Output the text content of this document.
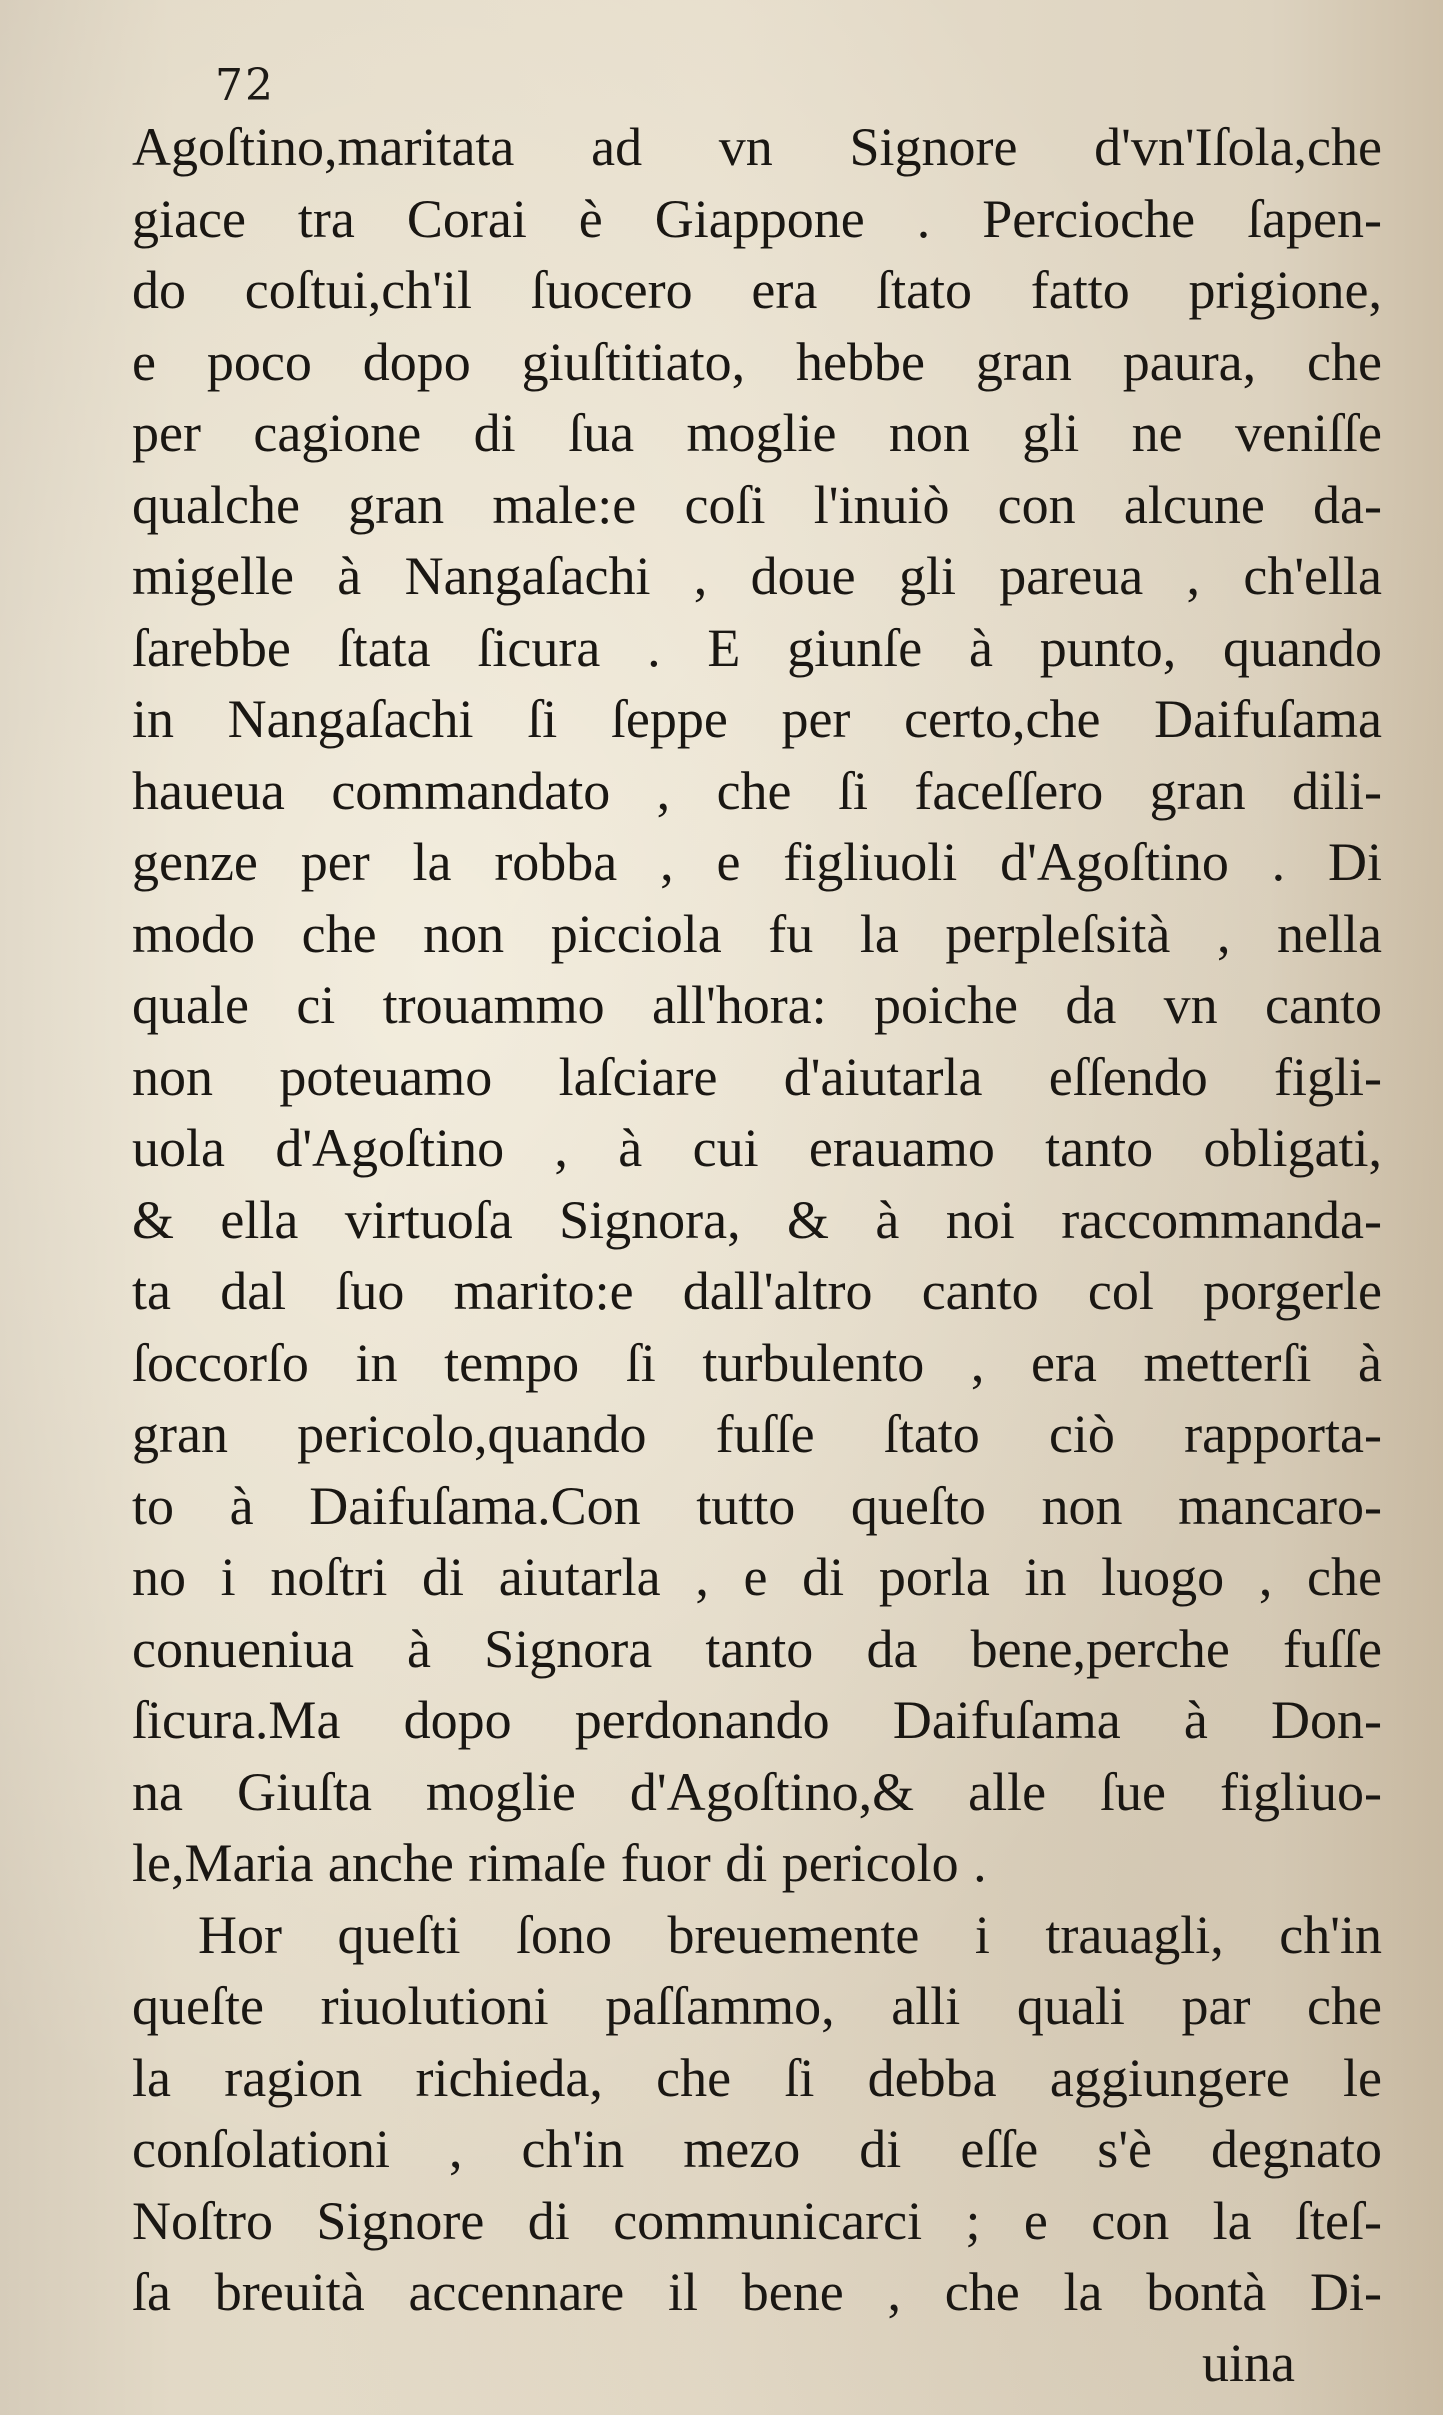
72
Agoſtino,maritata ad vn Signore d'vn'Iſola,che
giace tra Corai è Giappone . Percioche ſapen-
do coſtui,ch'il ſuocero era ſtato fatto prigione,
e poco dopo giuſtitiato, hebbe gran paura, che
per cagione di ſua moglie non gli ne veniſſe
qualche gran male:e coſi l'inuiò con alcune da-
migelle à Nangaſachi , doue gli pareua , ch'ella
ſarebbe ſtata ſicura . E giunſe à punto, quando
in Nangaſachi ſi ſeppe per certo,che Daifuſama
haueua commandato , che ſi faceſſero gran dili-
genze per la robba , e figliuoli d'Agoſtino . Di
modo che non picciola fu la perpleſsità , nella
quale ci trouammo all'hora: poiche da vn canto
non poteuamo laſciare d'aiutarla eſſendo figli-
uola d'Agoſtino , à cui erauamo tanto obligati,
& ella virtuoſa Signora, & à noi raccommanda-
ta dal ſuo marito:e dall'altro canto col porgerle
ſoccorſo in tempo ſi turbulento , era metterſi à
gran pericolo,quando fuſſe ſtato ciò rapporta-
to à Daifuſama.Con tutto queſto non mancaro-
no i noſtri di aiutarla , e di porla in luogo , che
conueniua à Signora tanto da bene,perche fuſſe
ſicura.Ma dopo perdonando Daifuſama à Don-
na Giuſta moglie d'Agoſtino,& alle ſue figliuo-
le,Maria anche rimaſe fuor di pericolo .
Hor queſti ſono breuemente i trauagli, ch'in
queſte riuolutioni paſſammo, alli quali par che
la ragion richieda, che ſi debba aggiungere le
conſolationi , ch'in mezo di eſſe s'è degnato
Noſtro Signore di communicarci ; e con la ſteſ-
ſa breuità accennare il bene , che la bontà Di-
uina
